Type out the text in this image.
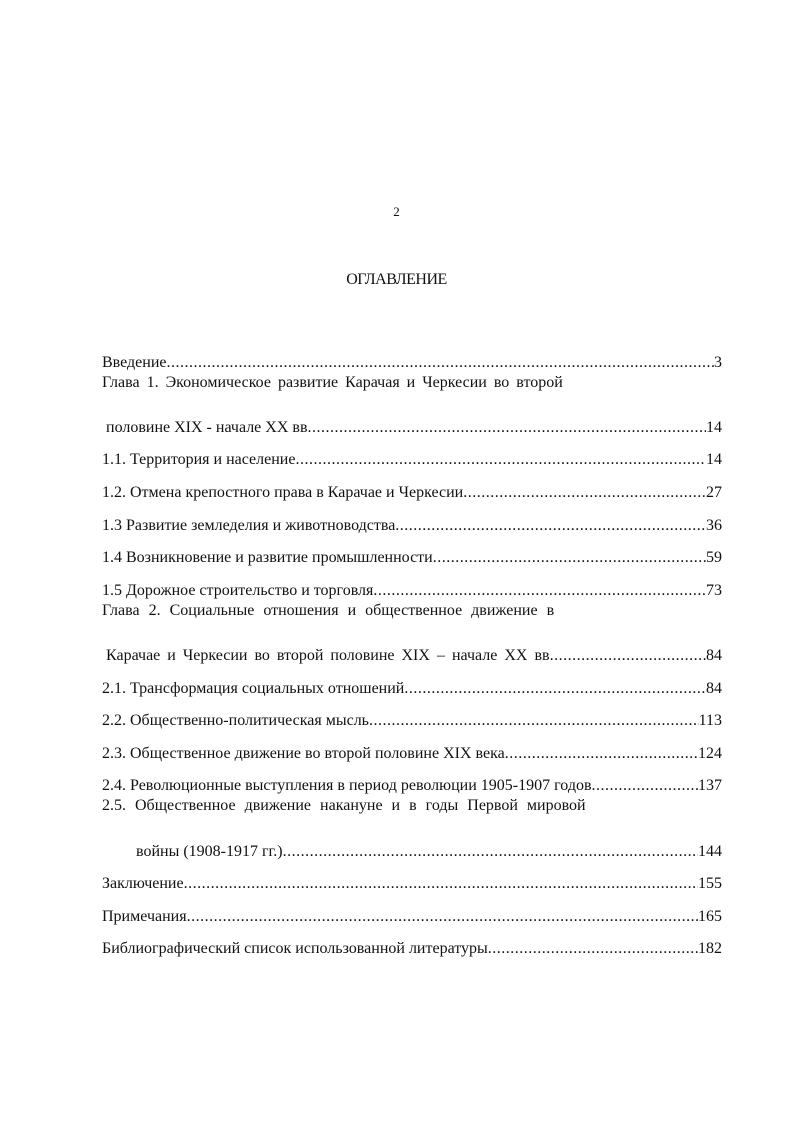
2
ОГЛАВЛЕНИЕ
Введение .....	3
Глава 1. Экономическое развитие Карачая и Черкесии во второй
половине XIX - начале XX вв .....	14
1.1. Территория и население .....	14
1.2. Отмена крепостного права в Карачае и Черкесии .....	27
1.3 Развитие земледелия и животноводства .....	36
1.4 Возникновение и развитие промышленности .....	59
1.5 Дорожное строительство и торговля .....	73
Глава 2. Социальные отношения и общественное движение в
Карачае и Черкесии во второй половине XIX – начале XX вв .....	84
2.1. Трансформация социальных отношений .....	84
2.2. Общественно-политическая мысль .....	113
2.3. Общественное движение во второй половине XIX века .....	124
2.4. Революционные выступления в период революции 1905-1907 годов .....	137
2.5. Общественное движение накануне и в годы Первой мировой
войны (1908-1917 гг.) .....	144
Заключение .....	155
Примечания .....	165
Библиографический список использованной литературы .....	182
